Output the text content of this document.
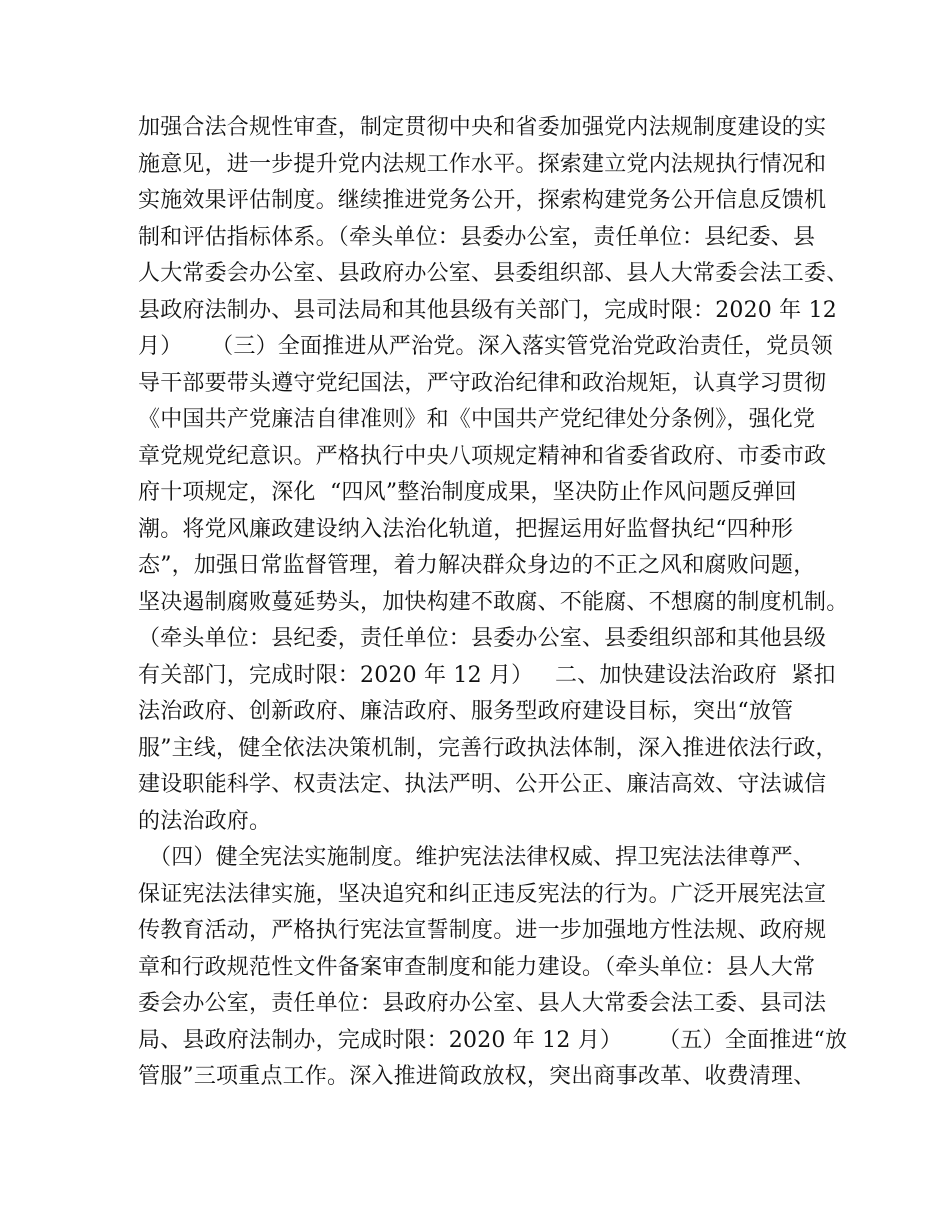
加强合法合规性审查，制定贯彻中央和省委加强党内法规制度建设的实
施意见，进一步提升党内法规工作水平。探索建立党内法规执行情况和
实施效果评估制度。继续推进党务公开，探索构建党务公开信息反馈机
制和评估指标体系。（牵头单位：县委办公室，责任单位：县纪委、县
人大常委会办公室、县政府办公室、县委组织部、县人大常委会法工委、
县政府法制办、县司法局和其他县级有关部门，完成时限：2020 年 12
月）    （三）全面推进从严治党。深入落实管党治党政治责任，党员领
导干部要带头遵守党纪国法，严守政治纪律和政治规矩，认真学习贯彻
《中国共产党廉洁自律准则》和《中国共产党纪律处分条例》，强化党
章党规党纪意识。严格执行中央八项规定精神和省委省政府、市委市政
府十项规定，深化  “四风”整治制度成果，坚决防止作风问题反弹回
潮。将党风廉政建设纳入法治化轨道，把握运用好监督执纪“四种形
态”，加强日常监督管理，着力解决群众身边的不正之风和腐败问题，
坚决遏制腐败蔓延势头，加快构建不敢腐、不能腐、不想腐的制度机制。
（牵头单位：县纪委，责任单位：县委办公室、县委组织部和其他县级
有关部门，完成时限：2020 年 12 月）   二、加快建设法治政府  紧扣
法治政府、创新政府、廉洁政府、服务型政府建设目标，突出“放管
服”主线，健全依法决策机制，完善行政执法体制，深入推进依法行政，
建设职能科学、权责法定、执法严明、公开公正、廉洁高效、守法诚信
的法治政府。
（四）健全宪法实施制度。维护宪法法律权威、捍卫宪法法律尊严、
保证宪法法律实施，坚决追究和纠正违反宪法的行为。广泛开展宪法宣
传教育活动，严格执行宪法宣誓制度。进一步加强地方性法规、政府规
章和行政规范性文件备案审查制度和能力建设。（牵头单位：县人大常
委会办公室，责任单位：县政府办公室、县人大常委会法工委、县司法
局、县政府法制办，完成时限：2020 年 12 月）     （五）全面推进“放
管服”三项重点工作。深入推进简政放权，突出商事改革、收费清理、
